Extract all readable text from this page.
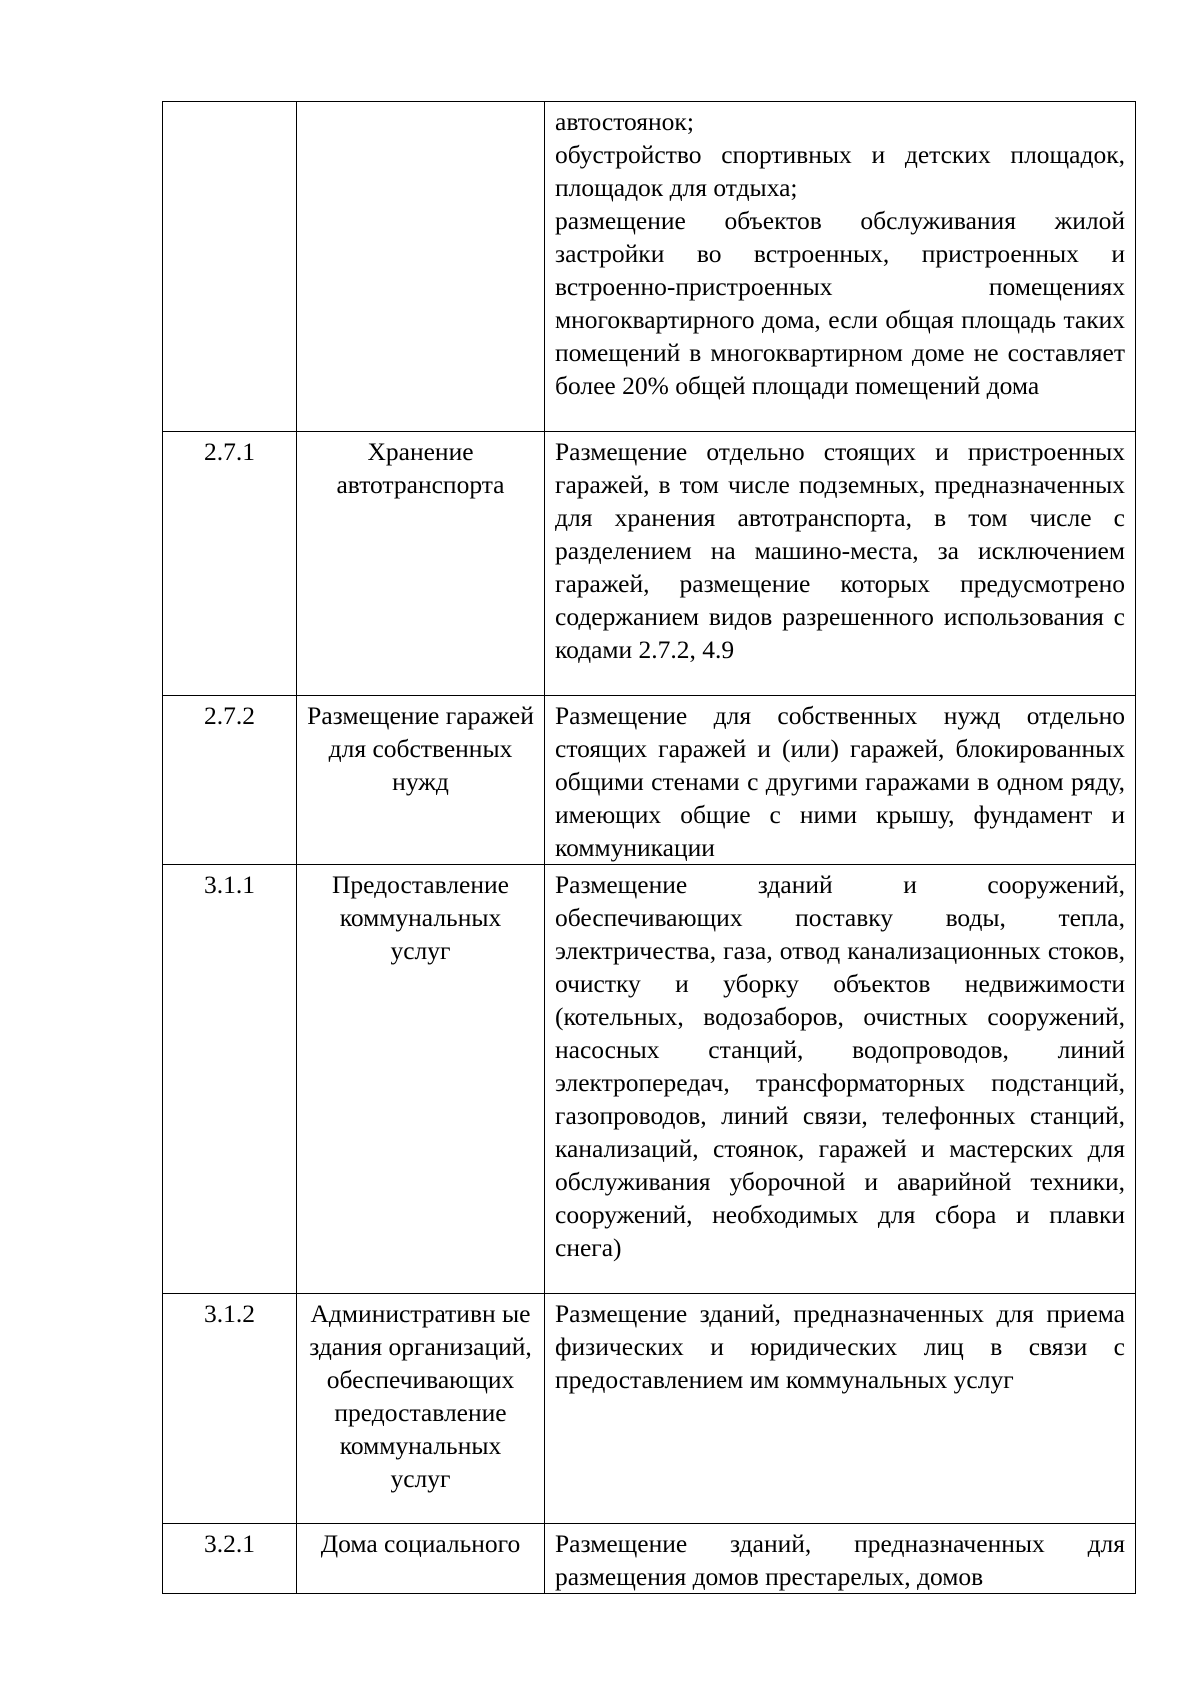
		автостоянок;

обустройство спортивных и детских площадок, площадок для отдыха;

размещение объектов обслуживания жилой застройки во встроенных, пристроенных и встроенно-пристроенных помещениях многоквартирного дома, если общая площадь таких помещений в многоквартирном доме не составляет более 20% общей площади помещений дома

2.7.1	Хранение автотранспорта	Размещение отдельно стоящих и пристроенных гаражей, в том числе подземных, предназначенных для хранения автотранспорта, в том числе с разделением на машино-места, за исключением гаражей, размещение которых предусмотрено содержанием видов разрешенного использования с кодами 2.7.2, 4.9

2.7.2	Размещение гаражей для собственных нужд	Размещение для собственных нужд отдельно стоящих гаражей и (или) гаражей, блокированных общими стенами с другими гаражами в одном ряду, имеющих общие с ними крышу, фундамент и коммуникации

3.1.1	Предоставление коммунальных услуг	Размещение зданий и сооружений, обеспечивающих поставку воды, тепла, электричества, газа, отвод канализационных стоков, очистку и уборку объектов недвижимости (котельных, водозаборов, очистных сооружений, насосных станций, водопроводов, линий электропередач, трансформаторных подстанций, газопроводов, линий связи, телефонных станций, канализаций, стоянок, гаражей и мастерских для обслуживания уборочной и аварийной техники, сооружений, необходимых для сбора и плавки снега)

3.1.2	Административн ые здания организаций, обеспечивающих предоставление коммунальных услуг	Размещение зданий, предназначенных для приема физических и юридических лиц в связи с предоставлением им коммунальных услуг

3.2.1	Дома социального	Размещение зданий, предназначенных для размещения домов престарелых, домов
